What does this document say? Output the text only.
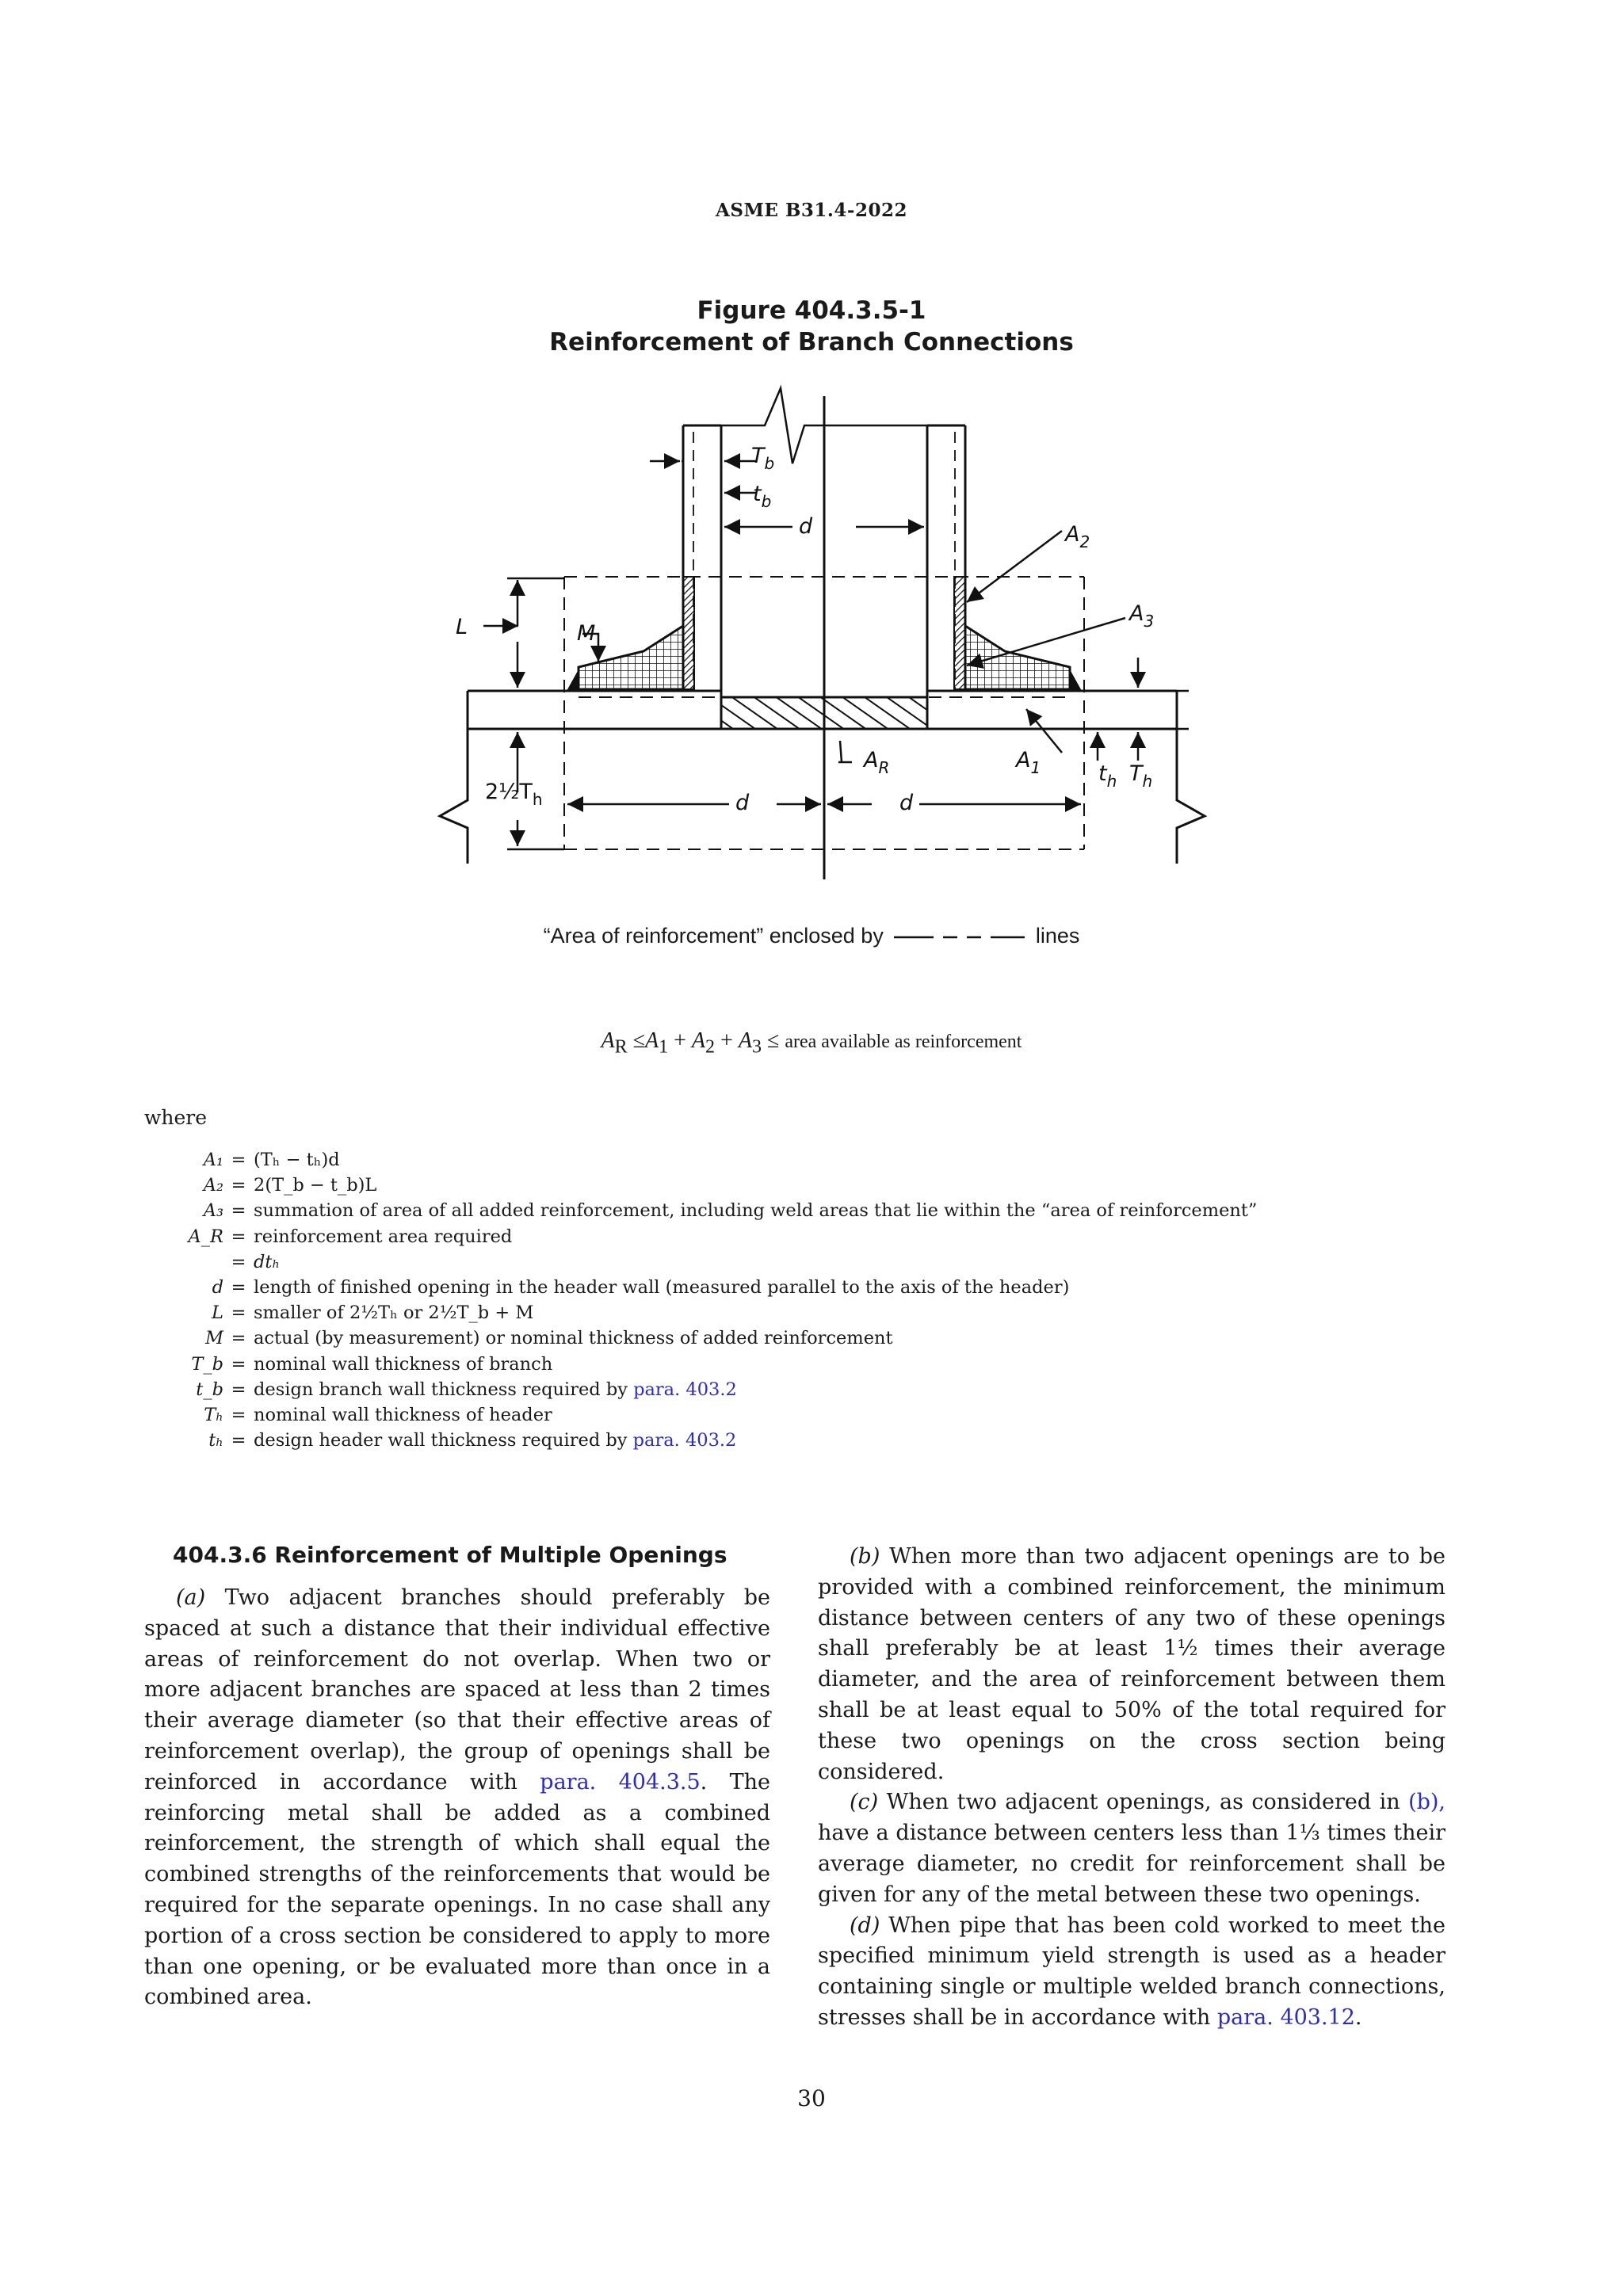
ASME B31.4-2022
Figure 404.3.5-1
Reinforcement of Branch Connections
$T_b$
$t_b$
d	$A_2$
$A_3$
L	M
$A_R$	$A_1$	$t_h$ $T_h$
$2\frac{1}{2}T_h$	d	d
“Area of reinforcement” enclosed by	lines
$A_R \le A_1 + A_2 + A_3$ ≤ area available as reinforcement
where
A₁ = (Tₕ − tₕ)d
A₂ = 2(T_b − t_b)L
A₃ = summation of area of all added reinforcement, including weld areas that lie within the “area of reinforcement”
A_R = reinforcement area required
= dtₕ
d = length of finished opening in the header wall (measured parallel to the axis of the header)
L = smaller of 2½Tₕ or 2½T_b + M
M = actual (by measurement) or nominal thickness of added reinforcement
T_b = nominal wall thickness of branch
t_b = design branch wall thickness required by para. 403.2
Tₕ = nominal wall thickness of header
tₕ = design header wall thickness required by para. 403.2
404.3.6 Reinforcement of Multiple Openings

(a) Two adjacent branches should preferably be spaced at such a distance that their individual effective areas of reinforcement do not overlap. When two or more adjacent branches are spaced at less than 2 times their average diameter (so that their effective areas of reinforcement overlap), the group of openings shall be reinforced in accordance with para. 404.3.5. The reinforcing metal shall be added as a combined reinforcement, the strength of which shall equal the combined strengths of the reinforcements that would be required for the separate openings. In no case shall any portion of a cross section be considered to apply to more than one opening, or be evaluated more than once in a combined area.

(b) When more than two adjacent openings are to be provided with a combined reinforcement, the minimum distance between centers of any two of these openings shall preferably be at least 1½ times their average diameter, and the area of reinforcement between them shall be at least equal to 50% of the total required for these two openings on the cross section being considered.

(c) When two adjacent openings, as considered in (b), have a distance between centers less than 1⅓ times their average diameter, no credit for reinforcement shall be given for any of the metal between these two openings.

(d) When pipe that has been cold worked to meet the specified minimum yield strength is used as a header containing single or multiple welded branch connections, stresses shall be in accordance with para. 403.12.

30
